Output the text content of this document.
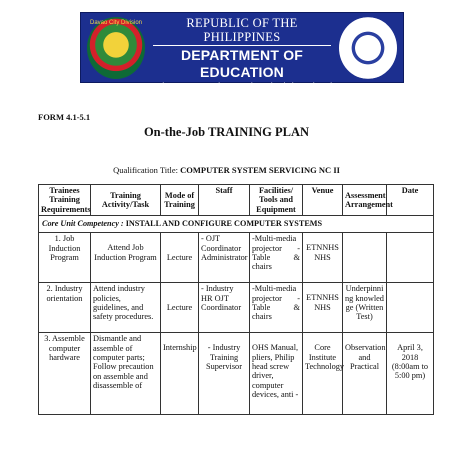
Davao City Division	REPUBLIC OF THE PHILIPPINES
DEPARTMENT OF EDUCATION
Erico T. Nograles National High School
Brgy. 37-D Trading Boulevard, Davao City
FORM 4.1-5.1
On-the-Job TRAINING PLAN
Qualification Title: COMPUTER SYSTEM SERVICING NC II
Trainees Training Requirements	Training Activity/Task	Mode of Training	Staff	Facilities/ Tools and Equipment	Venue	Assessment Arrangement	Date
Core Unit Competency : INSTALL AND CONFIGURE COMPUTER SYSTEMS							
1. Job Induction Program	Attend Job Induction Program	Lecture	- OJT Coordinator Administrator	-Multi-media projector -Table & chairs	ETNNHS NHS		
2. Industry orientation	Attend industry policies, guidelines, and safety procedures.	Lecture	- Industry HR OJT Coordinator	-Multi-media projector -Table & chairs	ETNNHS NHS	Underpinning knowledge (Written Test)	
3. Assemble computer hardware	Dismantle and assemble of computer parts; Follow precaution on assemble and disassemble of	Internship	- Industry Training Supervisor	OHS Manual, pliers, Philip head screw driver, computer devices, anti -	Core Institute Technology	Observation and Practical	April 3, 2018 (8:00am to 5:00 pm)
